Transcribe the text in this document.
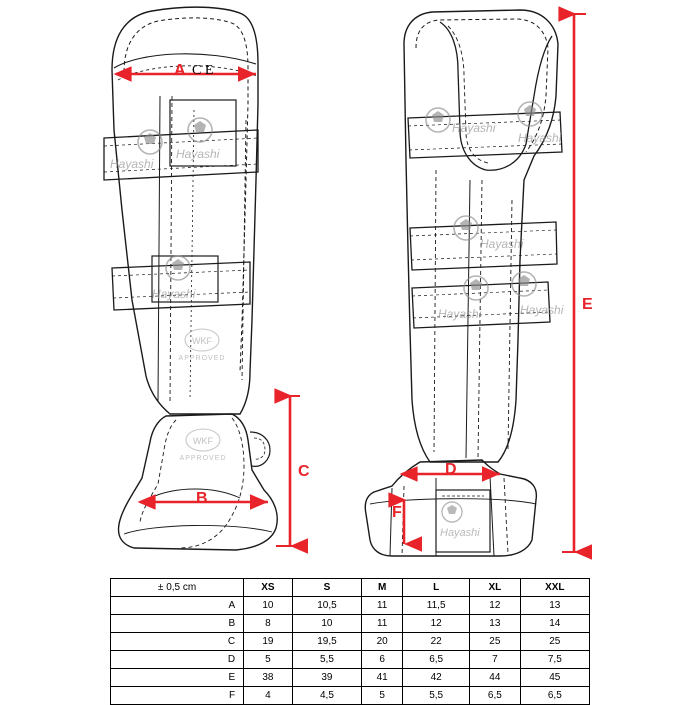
Hayashi
Hayashi
Hayashi
WKF
APPROVED
WKF
APPROVED
Hayashi
Hayashi
Hayashi
Hayashi	Hayashi
Hayashi
A C E
B
C	D
E
F
± 0,5 cm	XS	S	M	L	XL	XXL
A	10	10,5	11	11,5	12	13
B	8	10	11	12	13	14
C	19	19,5	20	22	25	25
D	5	5,5	6	6,5	7	7,5
E	38	39	41	42	44	45
F	4	4,5	5	5,5	6,5	6,5
